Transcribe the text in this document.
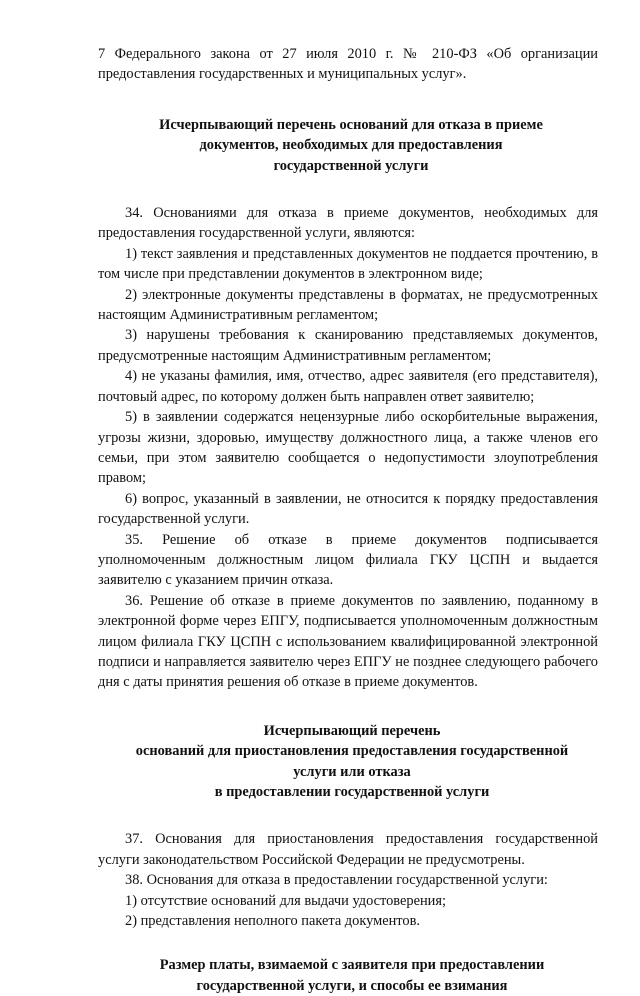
7 Федерального закона от 27 июля 2010 г. № 210-ФЗ «Об организации предоставления государственных и муниципальных услуг».

Исчерпывающий перечень оснований для отказа в приеме
документов, необходимых для предоставления
государственной услуги

34. Основаниями для отказа в приеме документов, необходимых для предоставления государственной услуги, являются:

1) текст заявления и представленных документов не поддается прочтению, в том числе при представлении документов в электронном виде;

2) электронные документы представлены в форматах, не предусмотренных настоящим Административным регламентом;

3) нарушены требования к сканированию представляемых документов, предусмотренные настоящим Административным регламентом;

4) не указаны фамилия, имя, отчество, адрес заявителя (его представителя), почтовый адрес, по которому должен быть направлен ответ заявителю;

5) в заявлении содержатся нецензурные либо оскорбительные выражения, угрозы жизни, здоровью, имуществу должностного лица, а также членов его семьи, при этом заявителю сообщается о недопустимости злоупотребления правом;

6) вопрос, указанный в заявлении, не относится к порядку предоставления государственной услуги.

35. Решение об отказе в приеме документов подписывается уполномоченным должностным лицом филиала ГКУ ЦСПН и выдается заявителю с указанием причин отказа.

36. Решение об отказе в приеме документов по заявлению, поданному в электронной форме через ЕПГУ, подписывается уполномоченным должностным лицом филиала ГКУ ЦСПН с использованием квалифицированной электронной подписи и направляется заявителю через ЕПГУ не позднее следующего рабочего дня с даты принятия решения об отказе в приеме документов.

Исчерпывающий перечень
оснований для приостановления предоставления государственной
услуги или отказа
в предоставлении государственной услуги

37. Основания для приостановления предоставления государственной услуги законодательством Российской Федерации не предусмотрены.

38. Основания для отказа в предоставлении государственной услуги:

1) отсутствие оснований для выдачи удостоверения;

2) представления неполного пакета документов.

Размер платы, взимаемой с заявителя при предоставлении
государственной услуги, и способы ее взимания
